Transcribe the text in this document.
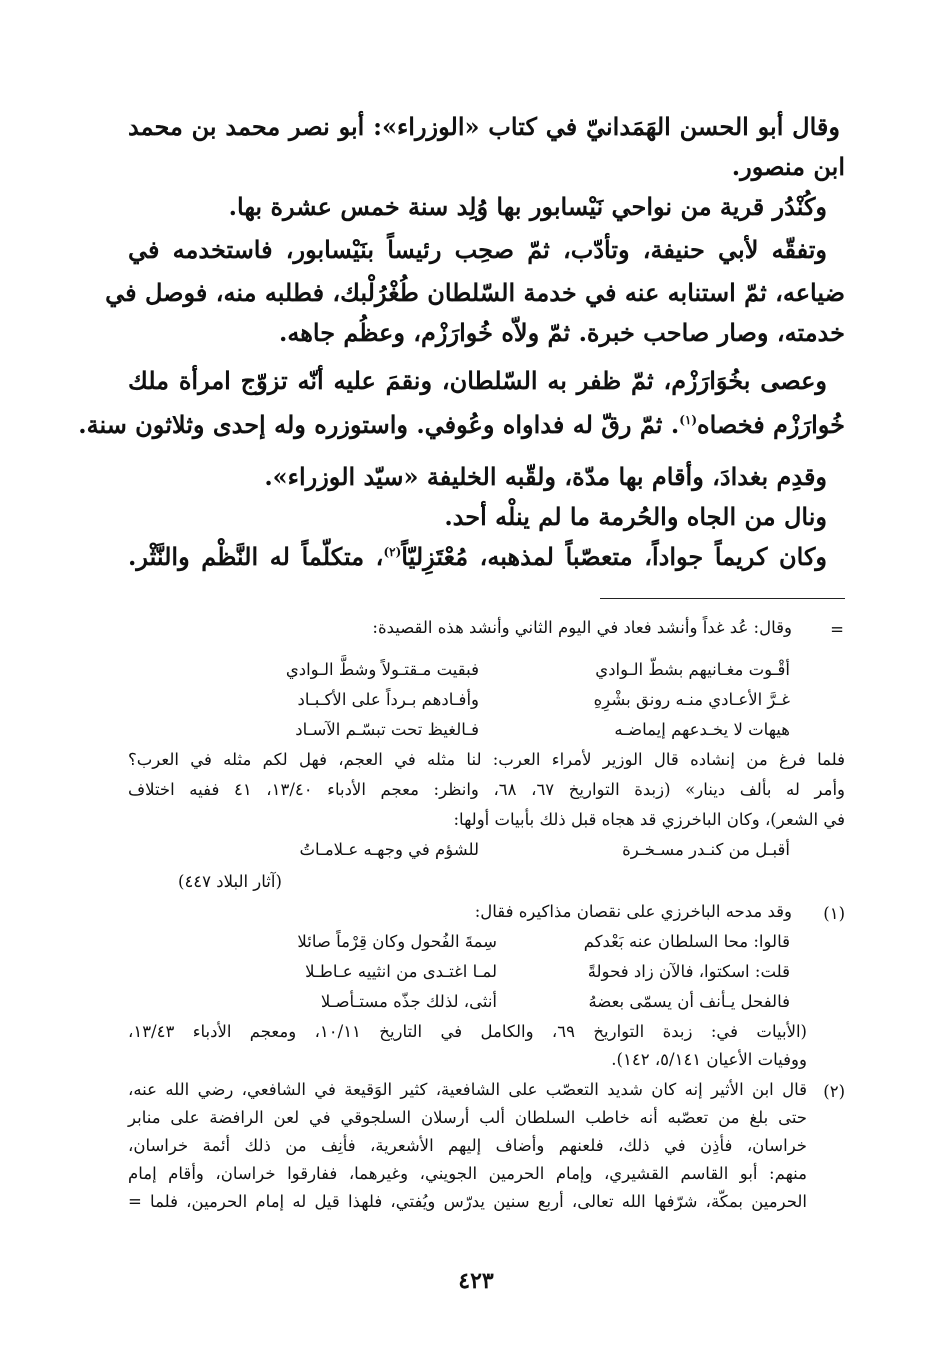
وقال أبو الحسن الهَمَدانيّ في كتاب «الوزراء»: أبو نصر محمد بن محمد
ابن منصور.
وكُنْدُر قرية من نواحي نَيْسابور بها وُلِد سنة خمس عشرة بها.
وتفقّه لأبي حنيفة، وتأدّب، ثمّ صحِب رئيساً بنَيْسابور، فاستخدمه في
ضياعه، ثمّ استنابه عنه في خدمة السّلطان طُغْرُلْبك، فطلبه منه، فوصل في
خدمته، وصار صاحب خبرة. ثمّ ولاّه خُوارَزْم، وعظُم جاهه.
وعصى بخُوَارَزْم، ثمّ ظفر به السّلطان، ونقمَ عليه أنّه تزوّج امرأة ملك
خُوارَزْم فخصاه$^{(١)}$. ثمّ رقّ له فداواه وعُوفي. واستوزره وله إحدى وثلاثون سنة.
وقدِم بغدادَ، وأقام بها مدّة، ولقّبه الخليفة «سيّد الوزراء».
ونال من الجاه والحُرمة ما لم ينلْه أحد.
وكان كريماً جواداً، متعصّباً لمذهبه، مُعْتَزِليّاً$^{(٢)}$، متكلّماً له النَّظْم والنَّثْر.
=
وقال: عُد غداً وأنشد فعاد في اليوم الثاني وأنشد هذه القصيدة:
أقْـوت مغـانيهم بشطّ الـوادي
فبقيت مـقتـولاً وشطَّ الـوادي
غـرَّ الأعـادي منـه رونق بشْرِهِ
وأفـادهم بـرداً على الأكـبـاد
هيهات لا يخـدعهم إيماضـه
فـالغيظ تحت تبسّـم الآسـاد
فلما فرغ من إنشاده قال الوزير لأمراء العرب: لنا مثله في العجم، فهل لكم مثله في العرب؟
وأمر له بألف دينار» (زبدة التواريخ ٦٧، ٦٨، وانظر: معجم الأدباء ١٣/٤٠، ٤١ ففيه اختلاف
في الشعر)، وكان الباخرزي قد هجاه قبل ذلك بأبيات أولها:
أقبـل من كنـدر مسـخـرة
للشؤم في وجهـه عـلامـاتُ
(آثار البلاد ٤٤٧)
(١)
وقد مدحه الباخرزي على نقصان مذاكيره فقال:
قالوا: محا السلطان عنه بَعْدكم
سِمةَ الفُحول وكان قِرْماً صائلا
قلت: اسكتوا، فالآن زاد فحولةً
لمـا اغتـدى من انثييه عـاطـلا
فالفحل يـأنف أن يسمّى بعضهُ
أنثى، لذلك جذّه مستـأصـلا
(الأبيات في: زبدة التواريخ ٦٩، والكامل في التاريخ ١٠/١١، ومعجم الأدباء ١٣/٤٣،
ووفيات الأعيان ٥/١٤١، ١٤٢).
(٢)
قال ابن الأثير إنه كان شديد التعصّب على الشافعية، كثير الوَقيعة في الشافعي، رضي الله عنه،
حتى بلغ من تعصّبه أنه خاطب السلطان ألب أرسلان السلجوقي في لعن الرافضة على منابر
خراسان، فأذِن في ذلك، فلعنهم وأضاف إليهم الأشعرية، فأنِف من ذلك أئمة خراسان،
منهم: أبو القاسم القشيري، وإمام الحرمين الجويني، وغيرهما، ففارقوا خراسان، وأقام إمام
الحرمين بمكّة، شرّفها الله تعالى، أربع سنين يدرّس ويُفتي، فلهذا قيل له إمام الحرمين، فلما =
٤٢٣
